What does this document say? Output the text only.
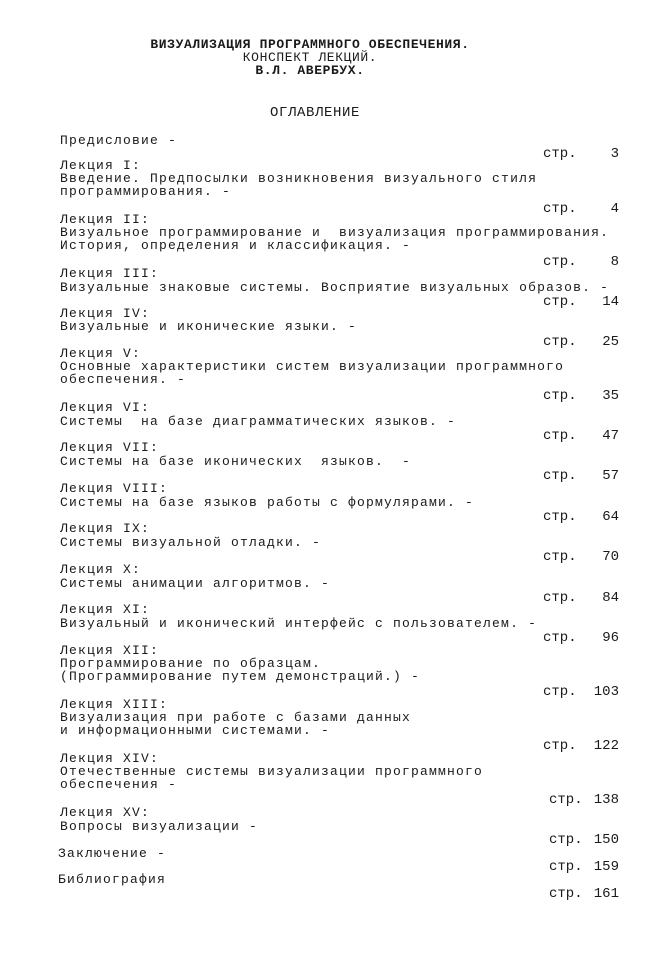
ВИЗУАЛИЗАЦИЯ ПРОГРАММНОГО ОБЕСПЕЧЕНИЯ.
КОНСПЕКТ ЛЕКЦИЙ.
В.Л. АВЕРБУХ.
ОГЛАВЛЕНИЕ
Предисловие -
стр. 3
Лекция I:
Введение. Предпосылки возникновения визуального стиля
программирования. -
стр. 4
Лекция II:
Визуальное программирование и  визуализация программирования.
История, определения и классификация. -
стр. 8
Лекция III:
Визуальные знаковые системы. Восприятие визуальных образов. -
стр. 14
Лекция IV:
Визуальные и иконические языки. -
стр. 25
Лекция V:
Основные характеристики систем визуализации программного
обеспечения. -
стр. 35
Лекция VI:
Системы  на базе диаграмматических языков. -
стр. 47
Лекция VII:
Системы на базе иконических  языков.  -
стр. 57
Лекция VIII:
Системы на базе языков работы с формулярами. -
стр. 64
Лекция IX:
Системы визуальной отладки. -
стр. 70
Лекция X:
Системы анимации алгоритмов. -
стр. 84
Лекция XI:
Визуальный и иконический интерфейс с пользователем. -
стр. 96
Лекция XII:
Программирование по образцам.
(Программирование путем демонстраций.) -
стр. 103
Лекция XIII:
Визуализация при работе с базами данных
и информационными системами. -
стр. 122
Лекция XIV:
Отечественные системы визуализации программного
обеспечения -
стр. 138
Лекция XV:
Вопросы визуализации -
стр. 150
Заключение -
стр. 159
Библиография
стр. 161
